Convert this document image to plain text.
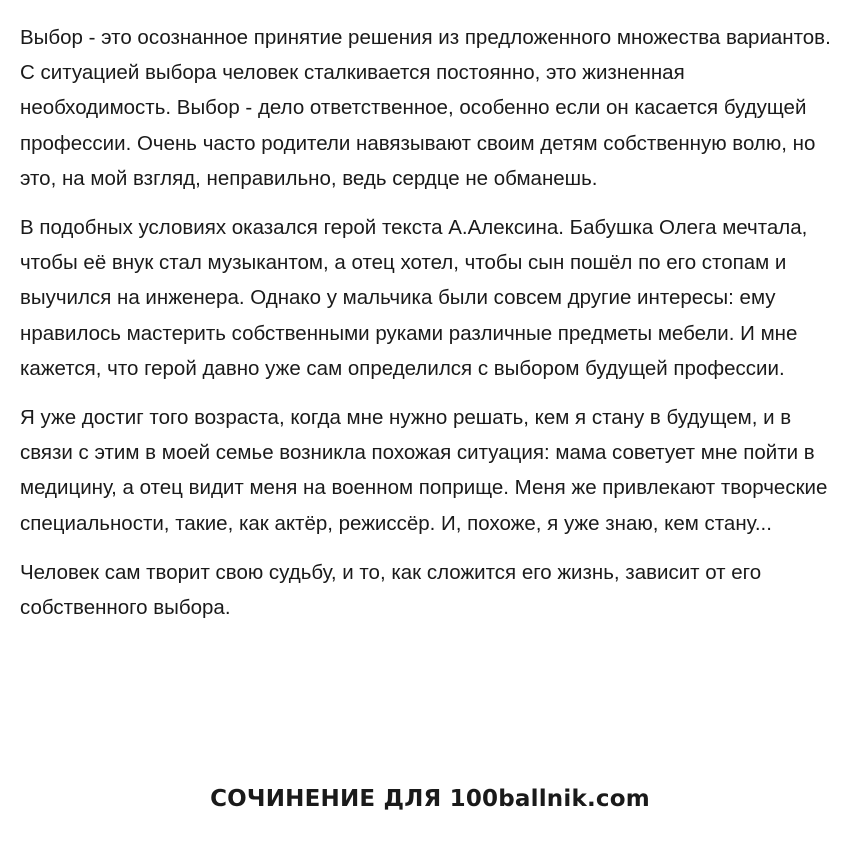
Выбор - это осознанное принятие решения из предложенного множества вариантов. С ситуацией выбора человек сталкивается постоянно, это жизненная необходимость. Выбор - дело ответственное, особенно если он касается будущей профессии. Очень часто родители навязывают своим детям собственную волю, но это, на мой взгляд, неправильно, ведь сердце не обманешь.

В подобных условиях оказался герой текста А.Алексина. Бабушка Олега мечтала, чтобы её внук стал музыкантом, а отец хотел, чтобы сын пошёл по его стопам и выучился на инженера. Однако у мальчика были совсем другие интересы: ему нравилось мастерить собственными руками различные предметы мебели. И мне кажется, что герой давно уже сам определился с выбором будущей профессии.

Я уже достиг того возраста, когда мне нужно решать, кем я стану в будущем, и в связи с этим в моей семье возникла похожая ситуация: мама советует мне пойти в медицину, а отец видит меня на военном поприще. Меня же привлекают творческие специальности, такие, как актёр, режиссёр. И, похоже, я уже знаю, кем стану...

Человек сам творит свою судьбу, и то, как сложится его жизнь, зависит от его собственного выбора.

СОЧИНЕНИЕ ДЛЯ 100ballnik.com
